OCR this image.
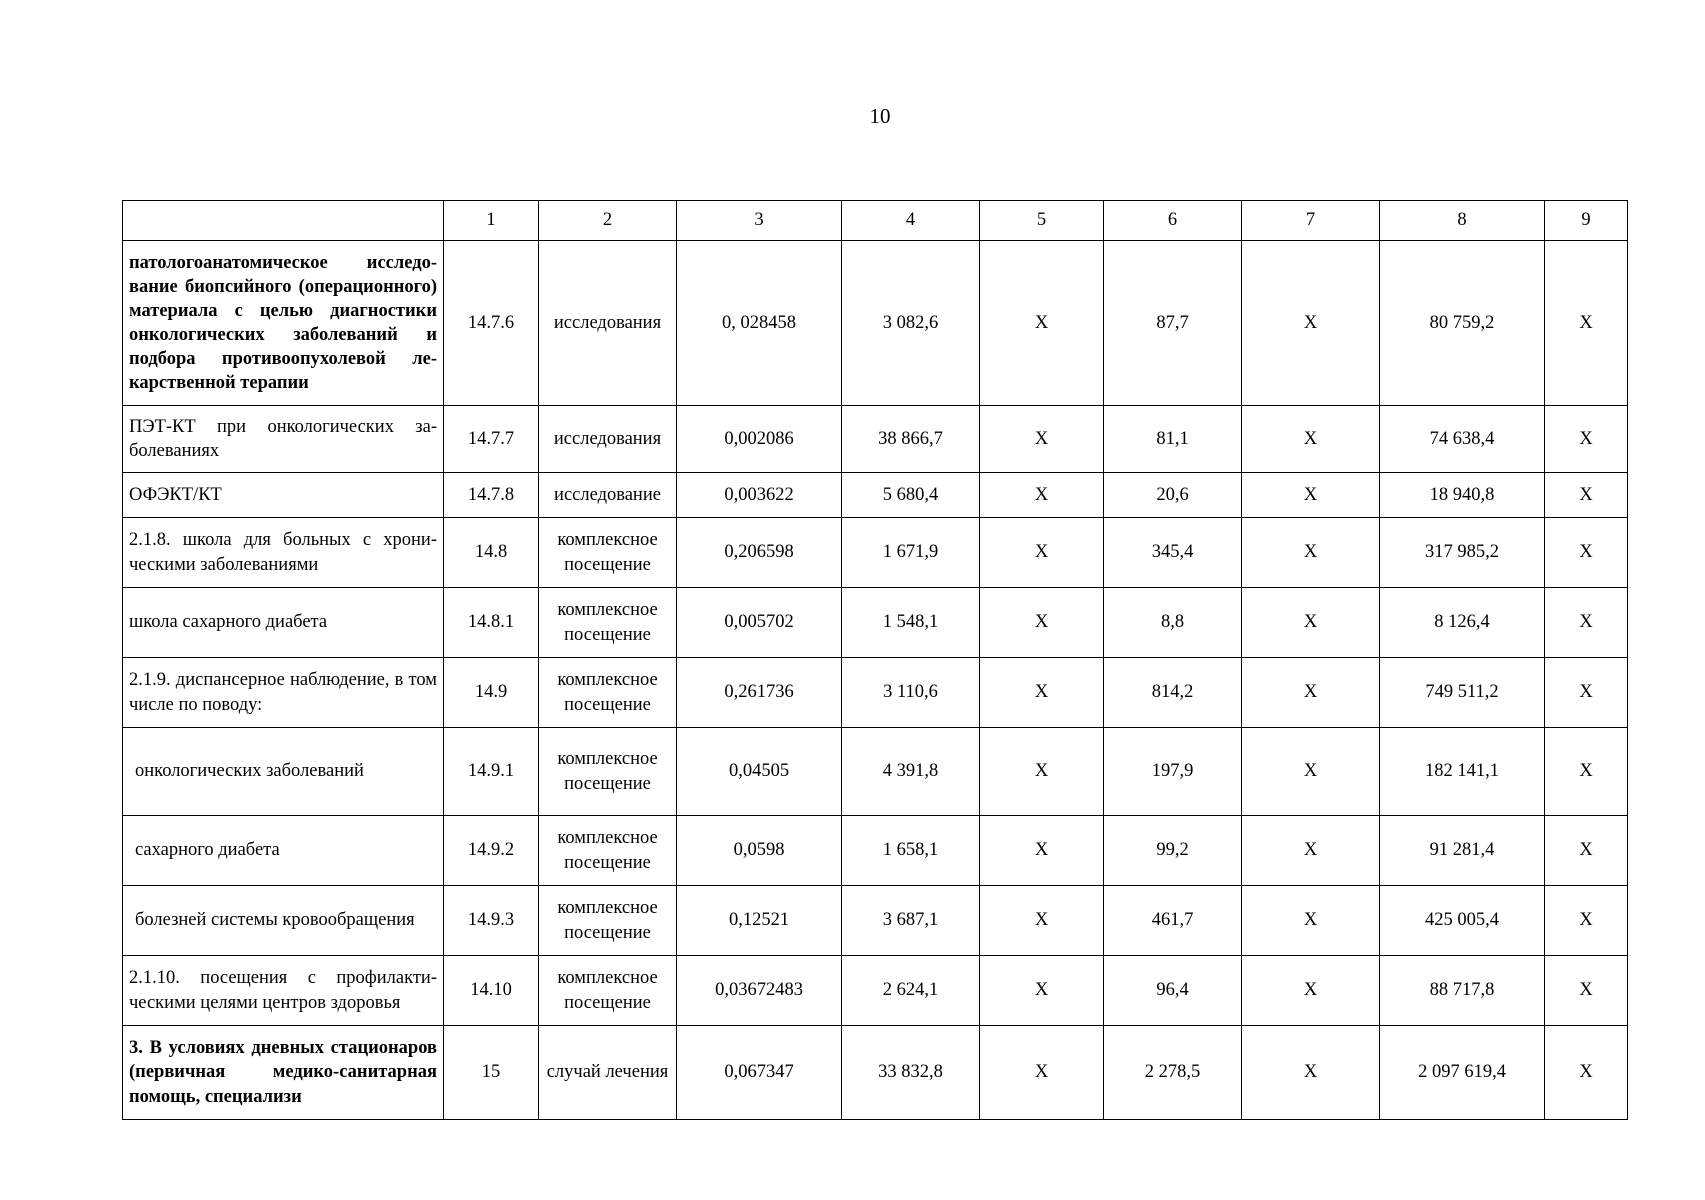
10
	1	2	3	4	5	6	7	8	9
патологоанатомическое исследование биопсийного (операционного) материала с целью диагностики онкологических заболеваний и подбора противоопухолевой лекарственной терапии	14.7.6	исследования	0, 028458	3 082,6	Х	87,7	Х	80 759,2	Х
ПЭТ-КТ при онкологических заболеваниях	14.7.7	исследования	0,002086	38 866,7	Х	81,1	Х	74 638,4	Х
ОФЭКТ/КТ	14.7.8	исследование	0,003622	5 680,4	Х	20,6	Х	18 940,8	Х
2.1.8. школа для больных с хроническими заболеваниями	14.8	комплексное посещение	0,206598	1 671,9	Х	345,4	Х	317 985,2	Х
школа сахарного диабета	14.8.1	комплексное посещение	0,005702	1 548,1	Х	8,8	Х	8 126,4	Х
2.1.9. диспансерное наблюдение, в том числе по поводу:	14.9	комплексное посещение	0,261736	3 110,6	Х	814,2	Х	749 511,2	Х
онкологических заболеваний	14.9.1	комплексное посещение	0,04505	4 391,8	Х	197,9	Х	182 141,1	Х
сахарного диабета	14.9.2	комплексное посещение	0,0598	1 658,1	Х	99,2	Х	91 281,4	Х
болезней системы кровообращения	14.9.3	комплексное посещение	0,12521	3 687,1	Х	461,7	Х	425 005,4	Х
2.1.10. посещения с профилактическими целями центров здоровья	14.10	комплексное посещение	0,03672483	2 624,1	Х	96,4	Х	88 717,8	Х
3. В условиях дневных стационаров (первичная медико-санитарная помощь, специализи	15	случай лечения	0,067347	33 832,8	Х	2 278,5	Х	2 097 619,4	Х
